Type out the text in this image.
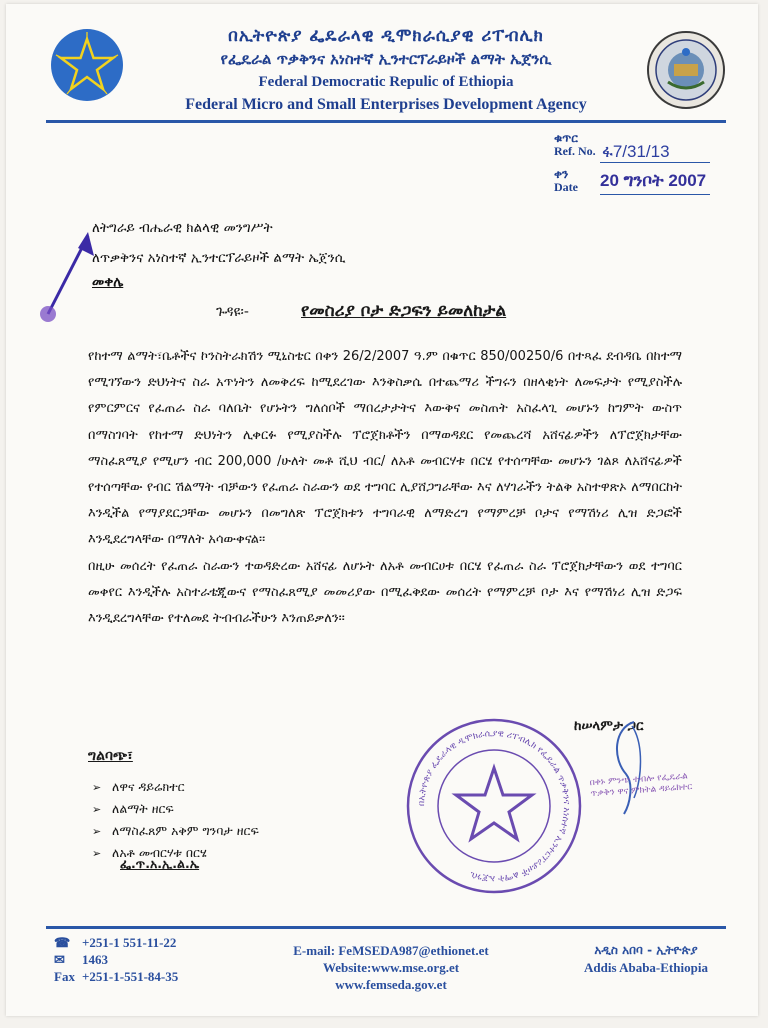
በኢትዮጵያ ፌዴራላዊ ዲሞክራሲያዊ ሪፐብሊክ
የፌዴራል ጥቃቅንና አነስተኛ ኢንተርፕራይዞች ልማት ኤጀንሲ
Federal Democratic Repulic of Ethiopia
Federal Micro and Small Enterprises Development Agency
ቁጥር
Ref. No. ፋ7/31/13
ቀን
Date 20 ግንቦት 2007
ለትግራይ ብሔራዊ ክልላዊ መንግሥት
ለጥቃቅንና አነስተኛ ኢንተርፕራይዞች ልማት ኤጀንሲ
መቀሌ
ጉዳዩ፡-	የመስሪያ ቦታ ድጋፍን ይመለከታል

የከተማ ልማት፣ቤቶችና ኮንስትራክሽን ሚኒስቴር በቀን 26/2/2007 ዓ.ም በቁጥር 850/00250/6 በተጻፈ ደብዳቤ በከተማ የሚገኘውን ድህነትና ስራ አጥነትን ለመቅረፍ ከሚደረገው እንቅስቃሴ በተጨማሪ ችግሩን በዘላቂነት ለመፍታት የሚያስችሉ የምርምርና የፈጠራ ስራ ባለቤት የሆኑትን ግለሰቦች ማበረታታትና እውቅና መስጠት አስፈላጊ መሆኑን ከግምት ውስጥ በማስገባት የከተማ ድህነትን ሊቀርፉ የሚያስችሉ ፕሮጀክቶችን በማወዳደር የመጨረሻ አሸናፊዎችን ለፕሮጀክታቸው ማስፈጸሚያ የሚሆን ብር 200,000 /ሁለት መቶ ሺህ ብር/ ለአቶ መብርሃቱ በርሄ የተሰጣቸው መሆኑን ገልጾ ለአሸናፊዎች የተሰጣቸው የብር ሽልማት ብቻውን የፈጠራ ስራውን ወደ ተግባር ሊያሸጋግራቸው እና ለሃገራችን ትልቅ አስተዋጽኦ ለማበርከት እንዲችል የማያደርጋቸው መሆኑን በመግለጽ ፕሮጀክቱን ተግባራዊ ለማድረግ የማምረቻ ቦታና የማሽነሪ ሊዝ ድጋፎች እንዲደረግላቸው በማለት አሳውቀናል፡፡

በዚሁ መሰረት የፈጠራ ስራውን ተወዳድረው አሸናፊ ለሆኑት ለአቶ መብርሀቱ በርሄ የፈጠራ ስራ ፕሮጀክታቸውን ወደ ተግባር መቀየር እንዲችሉ አስተራቴጂውና የማስፈጸሚያ መመሪያው በሚፈቅደው መሰረት የማምረቻ ቦታ እና የማሽነሪ ሊዝ ድጋፍ እንዲደረግላቸው የተለመደ ትብብራችሁን እንጠይቃለን፡፡

ከሠላምታ ጋር
ግልባጭ፣
➢ ለዋና ዳይሬክተር
➢ ለልማት ዘርፍ
➢ ለማስፈጸም አቅም ግንባታ ዘርፍ
➢ ለአቶ መብርሃቱ በርሄ
ፌ.ጥ.አ.ኢ.ል.ኤ
በኢትዮጵያ ፌዴራላዊ ዲሞክራሲያዊ ሪፐብሊክ የፌዴራል ጥቃቅንና አነስተኛ ኢንተርፕራይዞች ልማት ኤጀንሲ
በቀኑ ምንጭ ተብሎ የፌዴራል ጥቃቅን ዋና ምክትል ዳይሬክተር
☎ +251-1 551-11-22
✉ 1463
Fax +251-1-551-84-35
E-mail: FeMSEDA987@ethionet.et
Website:www.mse.org.et
www.femseda.gov.et
አዲስ አበባ - ኢትዮጵያ
Addis Ababa-Ethiopia
